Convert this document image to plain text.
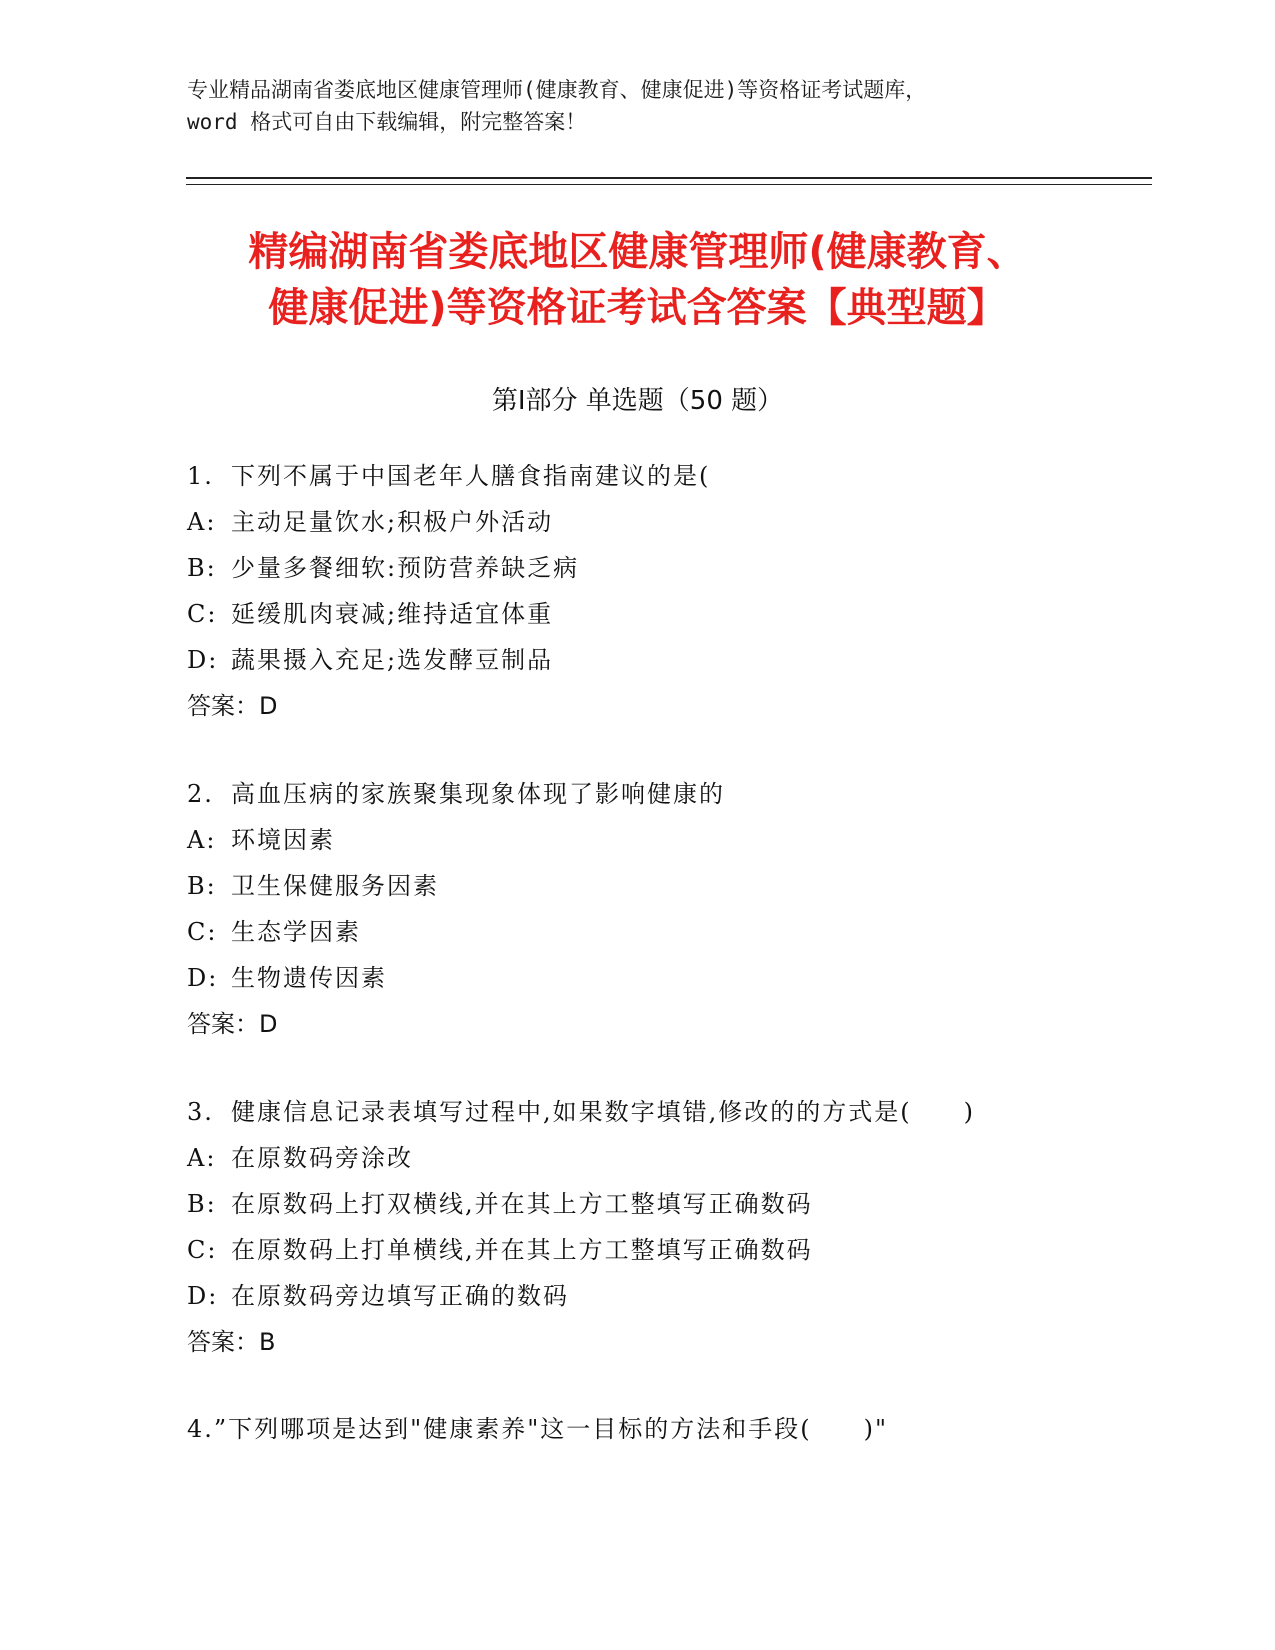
专业精品湖南省娄底地区健康管理师(健康教育、健康促进)等资格证考试题库，
word 格式可自由下载编辑，附完整答案！
精编湖南省娄底地区健康管理师(健康教育、
健康促进)等资格证考试含答案【典型题】
第Ⅰ部分 单选题（50 题）
1. 下列不属于中国老年人膳食指南建议的是(
A: 主动足量饮水;积极户外活动
B: 少量多餐细软:预防营养缺乏病
C: 延缓肌肉衰减;维持适宜体重
D: 蔬果摄入充足;选发酵豆制品
答案：D
2. 高血压病的家族聚集现象体现了影响健康的
A: 环境因素
B: 卫生保健服务因素
C: 生态学因素
D: 生物遗传因素
答案：D
3. 健康信息记录表填写过程中,如果数字填错,修改的的方式是(　　)
A: 在原数码旁涂改
B: 在原数码上打双横线,并在其上方工整填写正确数码
C: 在原数码上打单横线,并在其上方工整填写正确数码
D: 在原数码旁边填写正确的数码
答案：B
4.”下列哪项是达到"健康素养"这一目标的方法和手段(　　)"
